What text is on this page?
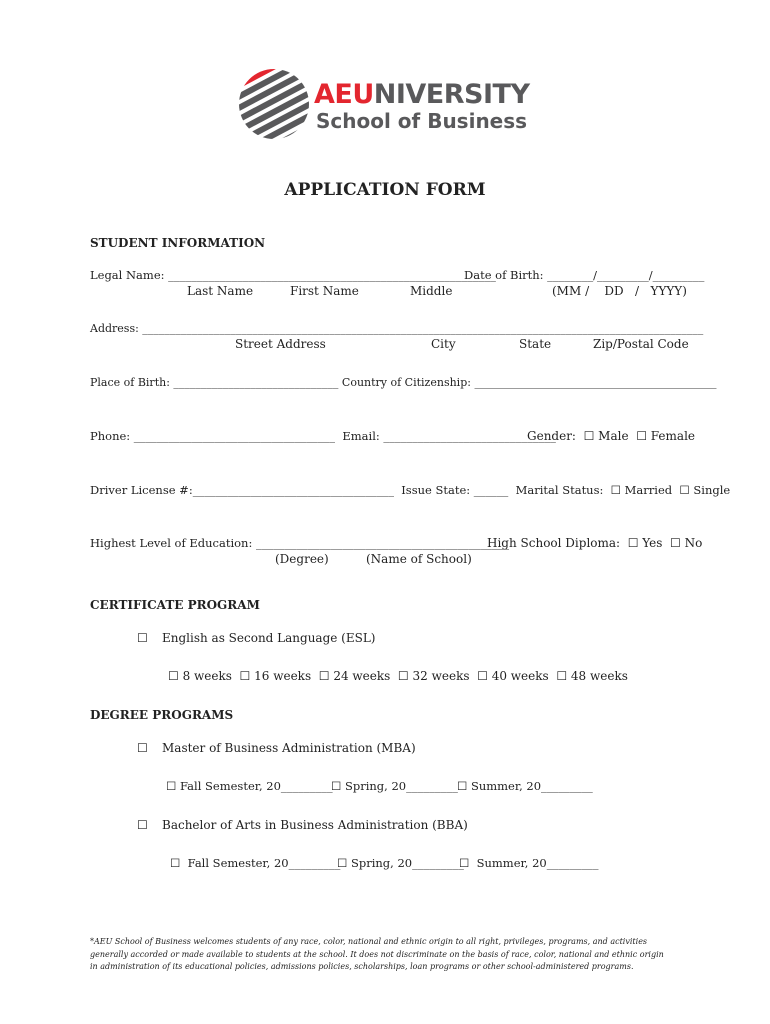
AEUNIVERSITY
School of Business
APPLICATION FORM
STUDENT INFORMATION
Legal Name: _________________________________________________________
Date of Birth: ________/_________/_________
Last Name	First Name	Middle	(MM /    DD   /   YYYY)
Address: ______________________________________________________________________________________________________
Street Address	City	State	Zip/Postal Code
Place of Birth: ______________________________ Country of Citizenship: ____________________________________________
Phone: ___________________________________  Email: ______________________________
Gender:  ☐ Male  ☐ Female
Driver License #:___________________________________  Issue State: ______  Marital Status:  ☐ Married  ☐ Single
Highest Level of Education: ____________________________________________
High School Diploma:  ☐ Yes  ☐ No
(Degree)	(Name of School)
CERTIFICATE PROGRAM
☐ English as Second Language (ESL)
☐ 8 weeks  ☐ 16 weeks  ☐ 24 weeks  ☐ 32 weeks  ☐ 40 weeks  ☐ 48 weeks
DEGREE PROGRAMS
☐ Master of Business Administration (MBA)
☐ Fall Semester, 20_________
☐ Spring, 20_________ ☐ Summer, 20_________
☐ Bachelor of Arts in Business Administration (BBA)
☐  Fall Semester, 20_________
☐ Spring, 20_________
☐  Summer, 20_________
*AEU School of Business welcomes students of any race, color, national and ethnic origin to all right, privileges, programs, and activities
generally accorded or made available to students at the school. It does not discriminate on the basis of race, color, national and ethnic origin
in administration of its educational policies, admissions policies, scholarships, loan programs or other school-administered programs.
